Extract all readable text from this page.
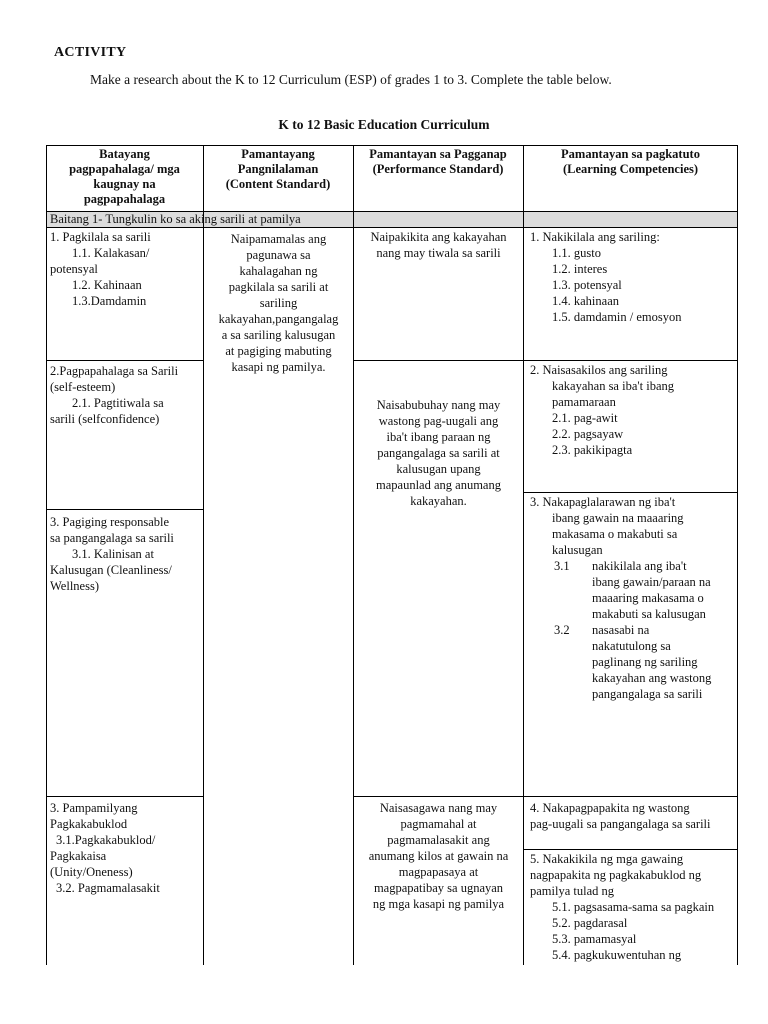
ACTIVITY
Make a research about the K to 12 Curriculum (ESP) of grades 1 to 3. Complete the table below.
K to 12 Basic Education Curriculum
Batayang
pagpapahalaga/ mga
kaugnay na
pagpapahalaga
Pamantayang
Pangnilalaman
(Content Standard)
Pamantayan sa Pagganap
(Performance Standard)
Pamantayan sa pagkatuto
(Learning Competencies)
Baitang 1- Tungkulin ko sa aking sarili at pamilya
1. Pagkilala sa sarili
1.1. Kalakasan/
potensyal
1.2. Kahinaan
1.3.Damdamin
2.Pagpapahalaga sa Sarili
(self-esteem)
2.1. Pagtitiwala sa
sarili (selfconfidence)
3. Pagiging responsable
sa pangangalaga sa sarili
3.1. Kalinisan at
Kalusugan (Cleanliness/
Wellness)
3. Pampamilyang
Pagkakabuklod
3.1.Pagkakabuklod/
Pagkakaisa
(Unity/Oneness)
3.2. Pagmamalasakit
Naipamamalas ang
pagunawa sa
kahalagahan ng
pagkilala sa sarili at
sariling
kakayahan,pangangalag
a sa sariling kalusugan
at pagiging mabuting
kasapi ng pamilya.
Naipakikita ang kakayahan
nang may tiwala sa sarili
Naisabubuhay nang may
wastong pag-uugali ang
iba't ibang paraan ng
pangangalaga sa sarili at
kalusugan upang
mapaunlad ang anumang
kakayahan.
Naisasagawa nang may
pagmamahal at
pagmamalasakit ang
anumang kilos at gawain na
magpapasaya at
magpapatibay sa ugnayan
ng mga kasapi ng pamilya
1. Nakikilala ang sariling:
1.1. gusto
1.2. interes
1.3. potensyal
1.4. kahinaan
1.5. damdamin / emosyon
2. Naisasakilos ang sariling
kakayahan sa iba't ibang
pamamaraan
2.1. pag-awit
2.2. pagsayaw
2.3. pakikipagta
3. Nakapaglalarawan ng iba't
ibang gawain na maaaring
makasama o makabuti sa
kalusugan
3.1	nakikilala ang iba't
ibang gawain/paraan na
maaaring makasama o
makabuti sa kalusugan
3.2	nasasabi na
nakatutulong sa
paglinang ng sariling
kakayahan ang wastong
pangangalaga sa sarili
4. Nakapagpapakita ng wastong
pag-uugali sa pangangalaga sa sarili
5. Nakakikila ng mga gawaing
nagpapakita ng pagkakabuklod ng
pamilya tulad ng
5.1. pagsasama-sama sa pagkain
5.2. pagdarasal
5.3. pamamasyal
5.4. pagkukuwentuhan ng
